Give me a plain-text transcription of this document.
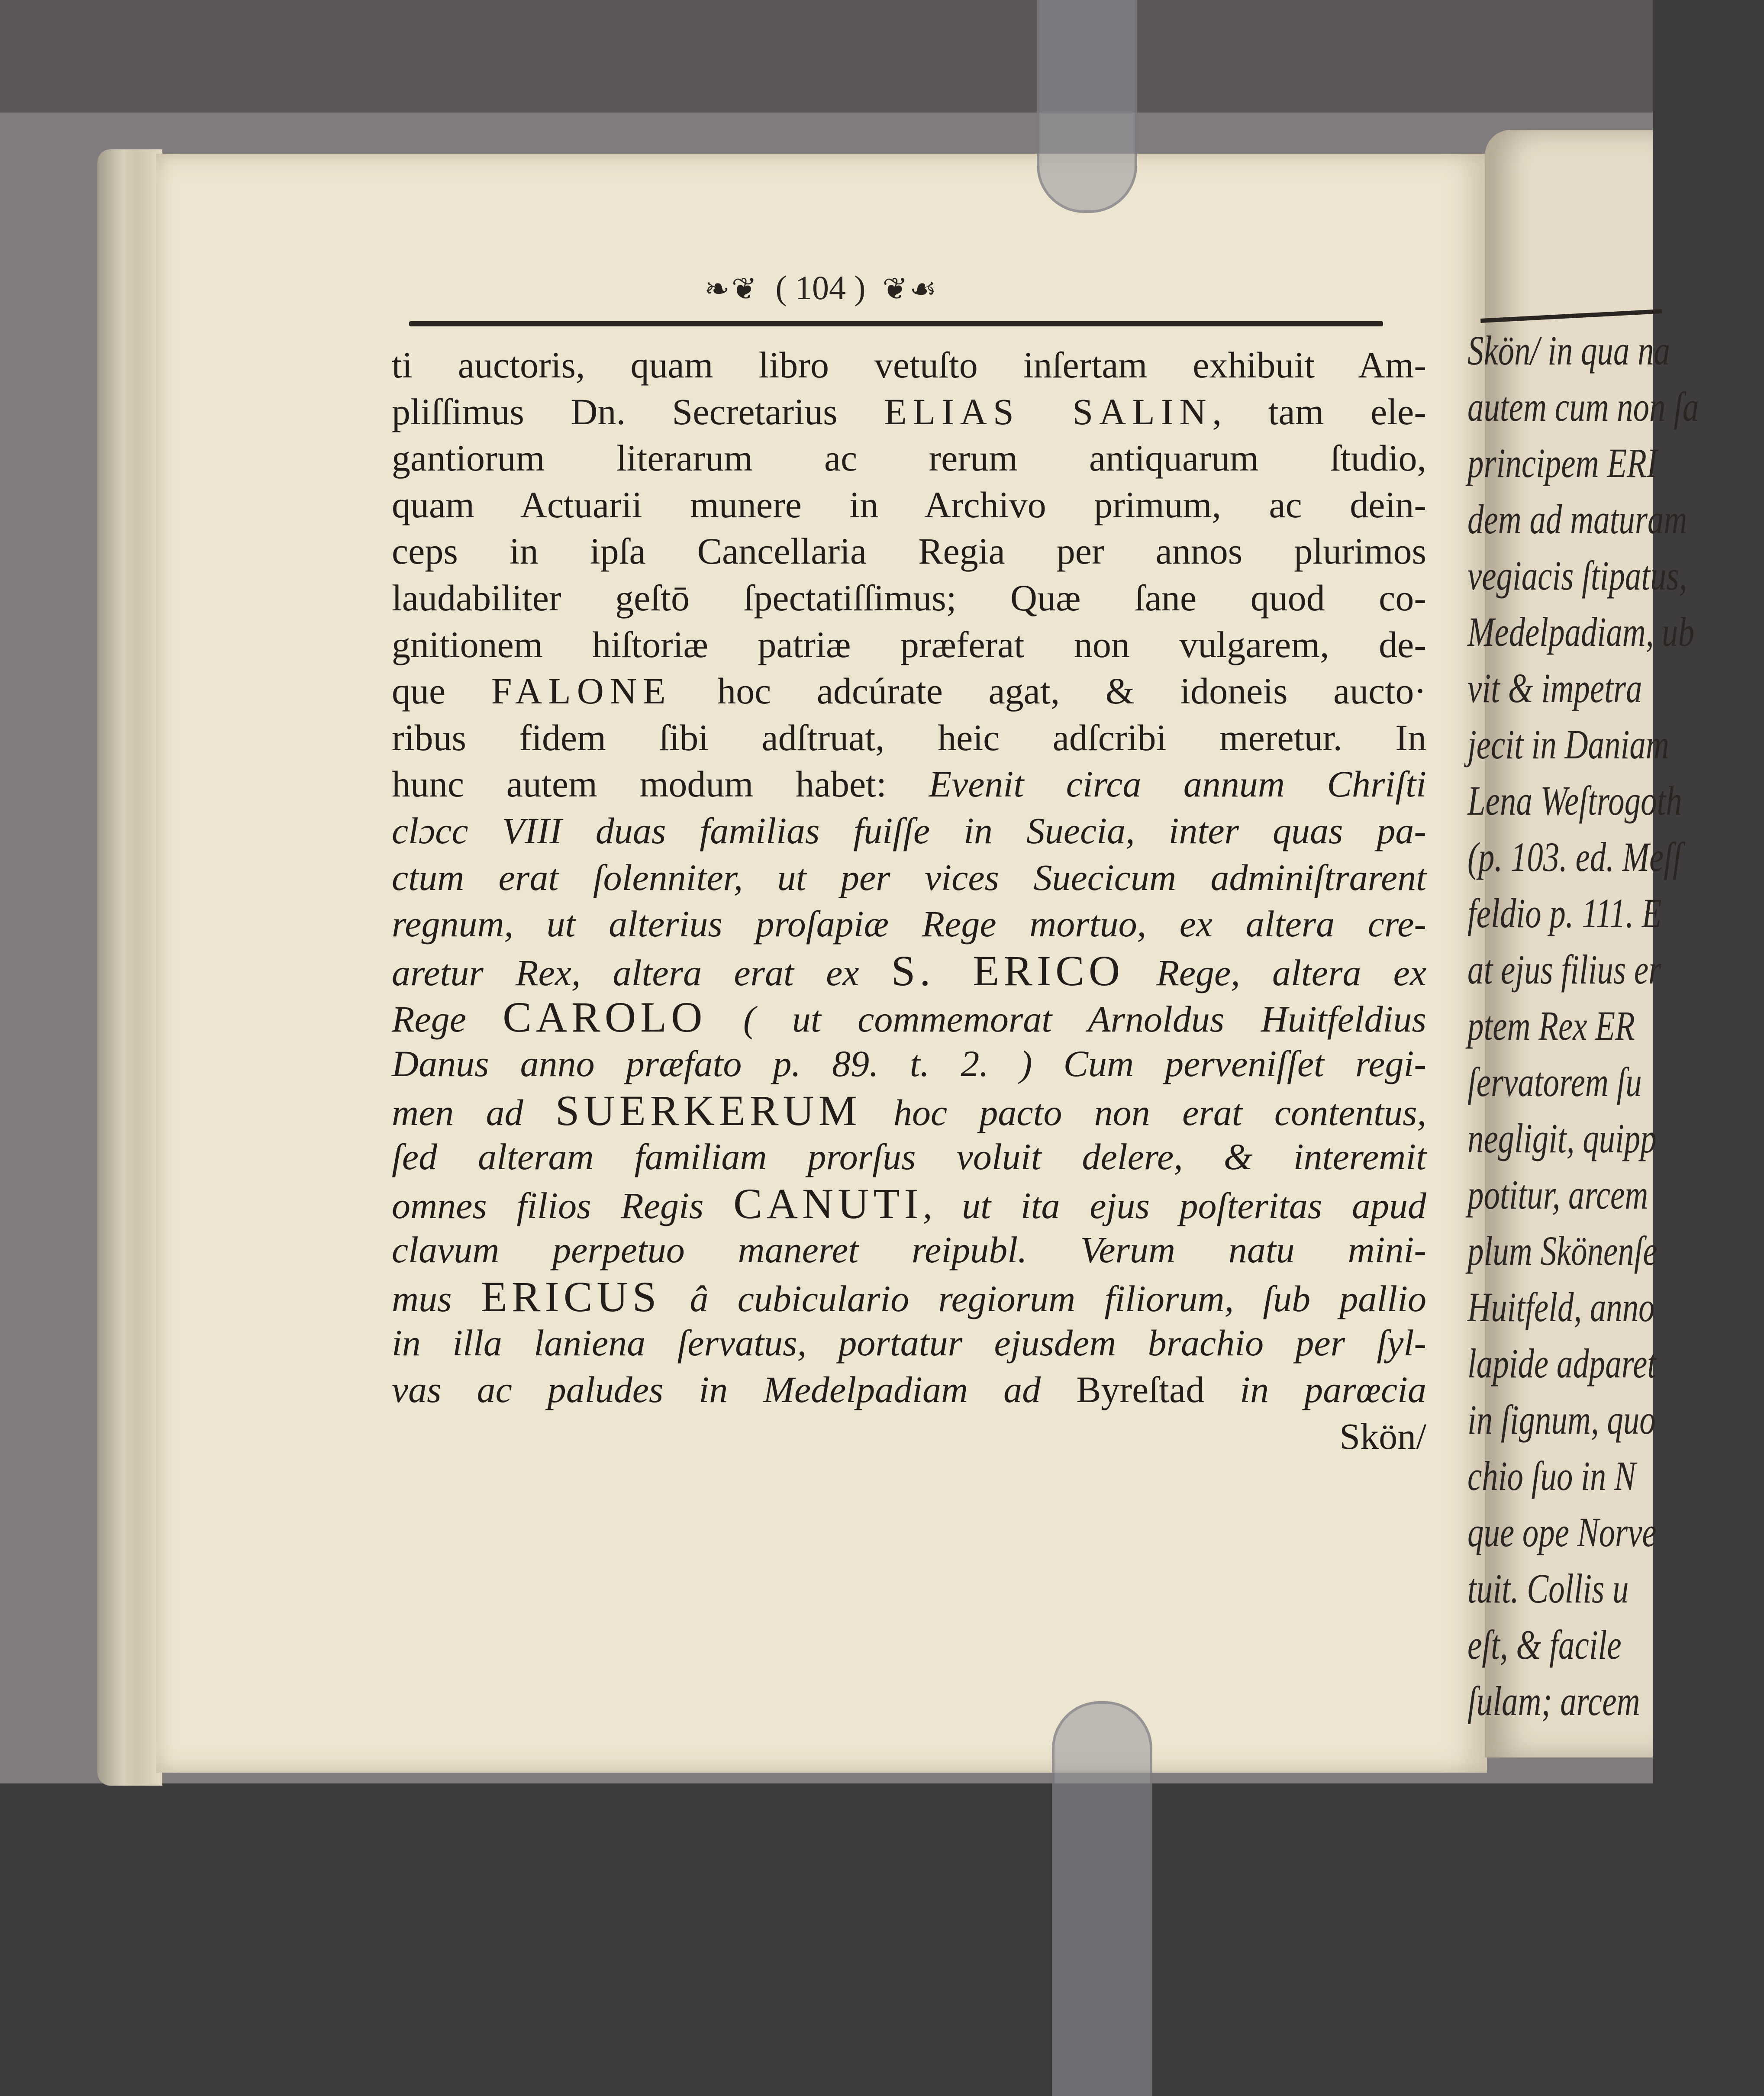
Skön/ in qua na
autem cum non ſa
principem ERI
dem ad maturam
vegiacis ſtipatus,
Medelpadiam, ub
vit & impetra
jecit in Daniam
Lena Weſtrogoth
(p. 103. ed. Meſſ
feldio p. 111. E
at ejus filius er
ptem Rex ER
ſervatorem ſu
negligit, quipp
potitur, arcem
plum Skönenſe
Huitfeld, anno
lapide adparet
in ſignum, quo
chio ſuo in N
que ope Norve
tuit. Collis u
eſt, & facile
ſulam; arcem
❧❦ ( 104 ) ❦☙
ti auctoris, quam libro vetuſto inſertam exhibuit Am-
pliſſimus Dn. Secretarius ELIAS SALIN, tam ele-
gantiorum literarum ac rerum antiquarum ſtudio,
quam Actuarii munere in Archivo primum, ac dein-
ceps in ipſa Cancellaria Regia per annos plurimos
laudabiliter geſtō ſpectatiſſimus; Quæ ſane quod co-
gnitionem hiſtoriæ patriæ præferat non vulgarem, de-
que FALONE hoc adcúrate agat, & idoneis aucto·
ribus fidem ſibi adſtruat, heic adſcribi meretur. In
hunc autem modum habet: Evenit circa annum Chriſti
clɔcc VIII duas familias fuiſſe in Suecia, inter quas pa-
ctum erat ſolenniter, ut per vices Suecicum adminiſtrarent
regnum, ut alterius proſapiæ Rege mortuo, ex altera cre-
aretur Rex, altera erat ex S. ERICO Rege, altera ex
Rege CAROLO ( ut commemorat Arnoldus Huitfeldius
Danus anno præfato p. 89. t. 2. ) Cum perveniſſet regi-
men ad SUERKERUM hoc pacto non erat contentus,
ſed alteram familiam prorſus voluit delere, & interemit
omnes filios Regis CANUTI, ut ita ejus poſteritas apud
clavum perpetuo maneret reipubl. Verum natu mini-
mus ERICUS â cubiculario regiorum filiorum, ſub pallio
in illa laniena ſervatus, portatur ejusdem brachio per ſyl-
vas ac paludes in Medelpadiam ad Byreſtad in parœcia
Skön/
